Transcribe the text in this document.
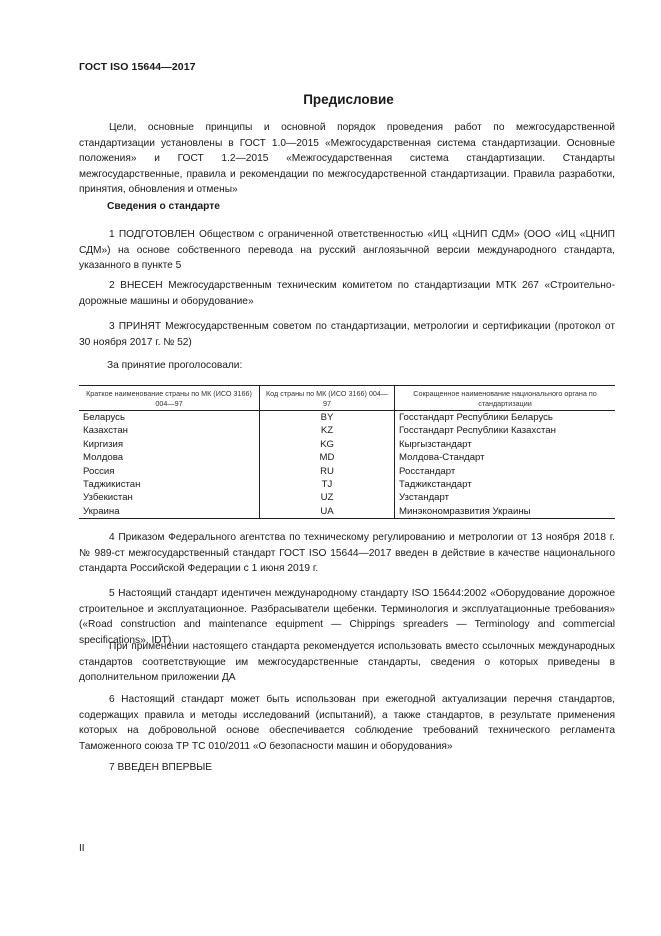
ГОСТ ISO 15644—2017
Предисловие

Цели, основные принципы и основной порядок проведения работ по межгосударственной стандартизации установлены в ГОСТ 1.0—2015 «Межгосударственная система стандартизации. Основные положения» и ГОСТ 1.2—2015 «Межгосударственная система стандартизации. Стандарты межгосударственные, правила и рекомендации по межгосударственной стандартизации. Правила разработки, принятия, обновления и отмены»

Сведения о стандарте

1 ПОДГОТОВЛЕН Обществом с ограниченной ответственностью «ИЦ «ЦНИП СДМ» (ООО «ИЦ «ЦНИП СДМ») на основе собственного перевода на русский англоязычной версии международного стандарта, указанного в пункте 5

2 ВНЕСЕН Межгосударственным техническим комитетом по стандартизации МТК 267 «Строительно-дорожные машины и оборудование»

3 ПРИНЯТ Межгосударственным советом по стандартизации, метрологии и сертификации (протокол от 30 ноября 2017 г. № 52)

За принятие проголосовали:
Краткое наименование страны по МК (ИСО 3166) 004—97	Код страны по МК (ИСО 3166) 004—97	Сокращенное наименование национального органа по стандартизации
Беларусь	BY	Госстандарт Республики Беларусь
Казахстан	KZ	Госстандарт Республики Казахстан
Киргизия	KG	Кыргызстандарт
Молдова	MD	Молдова-Стандарт
Россия	RU	Росстандарт
Таджикистан	TJ	Таджикстандарт
Узбекистан	UZ	Узстандарт
Украина	UA	Минэкономразвития Украины

4 Приказом Федерального агентства по техническому регулированию и метрологии от 13 ноября 2018 г. № 989-ст межгосударственный стандарт ГОСТ ISO 15644—2017 введен в действие в качестве национального стандарта Российской Федерации с 1 июня 2019 г.

5 Настоящий стандарт идентичен международному стандарту ISO 15644:2002 «Оборудование дорожное строительное и эксплуатационное. Разбрасыватели щебенки. Терминология и эксплуатационные требования» («Road construction and maintenance equipment — Chippings spreaders — Terminology and commercial specifications», IDT).

При применении настоящего стандарта рекомендуется использовать вместо ссылочных международных стандартов соответствующие им межгосударственные стандарты, сведения о которых приведены в дополнительном приложении ДА

6 Настоящий стандарт может быть использован при ежегодной актуализации перечня стандартов, содержащих правила и методы исследований (испытаний), а также стандартов, в результате применения которых на добровольной основе обеспечивается соблюдение требований технического регламента Таможенного союза ТР ТС 010/2011 «О безопасности машин и оборудования»

7 ВВЕДЕН ВПЕРВЫЕ

II
